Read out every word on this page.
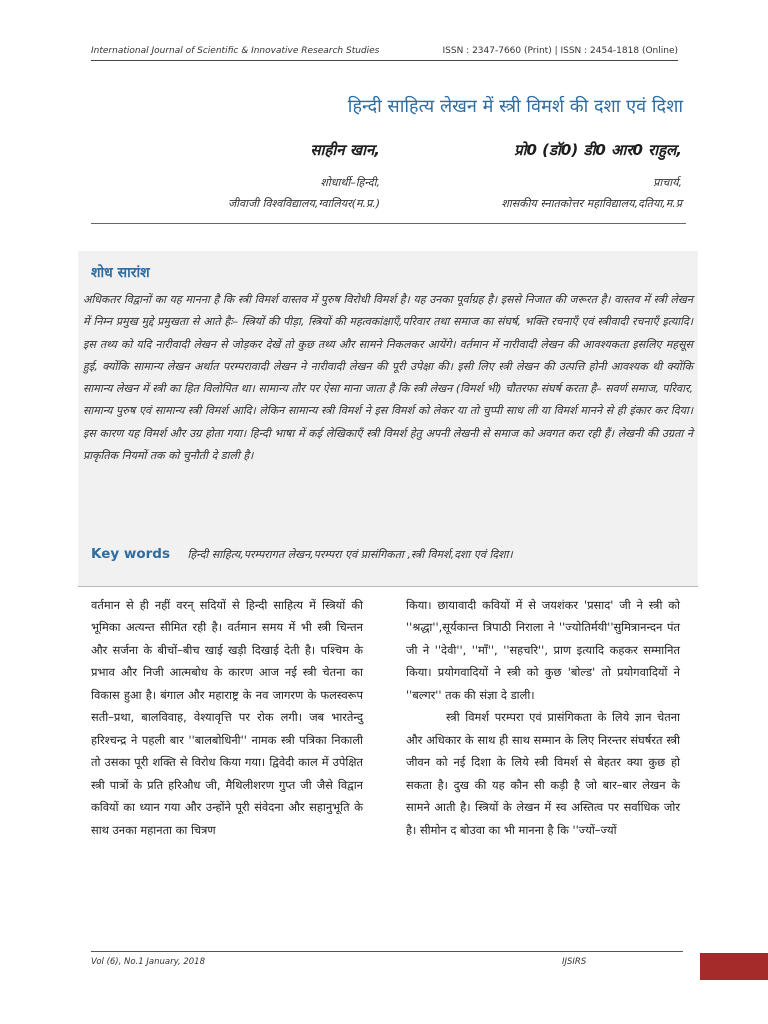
International Journal of Scientific & Innovative Research Studies	ISSN : 2347-7660 (Print) | ISSN : 2454-1818 (Online)
हिन्दी साहित्य लेखन में स्त्री विमर्श की दशा एवं दिशा
साहीन खान,	प्रो0 (डॉ0) डी0 आर0 राहुल,
शोधार्थी–हिन्दी,
जीवाजी विश्वविद्यालय,ग्वालियर(म.प्र.)
प्राचार्य,
शासकीय स्नातकोत्तर महाविद्यालय,दतिया,म.प्र
शोध सारांश
अधिकतर विद्वानों का यह मानना है कि स्त्री विमर्श वास्तव में पुरुष विरोधी विमर्श है। यह उनका पूर्वाग्रह है। इससे निजात की जरूरत है। वास्तव में स्त्री लेखन में निम्न प्रमुख मुद्दे प्रमुखता से आते हैः– स्त्रियों की पीड़ा, स्त्रियों की महत्वकांक्षाएँ,परिवार तथा समाज का संघर्ष, भक्ति रचनाएँ एवं स्त्रीवादी रचनाएँ इत्यादि। इस तथ्य को यदि नारीवादी लेखन से जोड़कर देखें तो कुछ तथ्य और सामने निकलकर आयेंगे। वर्तमान में नारीवादी लेखन की आवश्यकता इसलिए महसूस हुई, क्योंकि सामान्य लेखन अर्थात परम्परावादी लेखन ने नारीवादी लेखन की पूरी उपेक्षा की। इसी लिए स्त्री लेखन की उत्पत्ति होनी आवश्यक थी क्योंकि सामान्य लेखन में स्त्री का हित विलोपित था। सामान्य तौर पर ऐसा माना जाता है कि स्त्री लेखन (विमर्श भी) चौतरफा संघर्ष करता है– सवर्ण समाज, परिवार, सामान्य पुरुष एवं सामान्य स्त्री विमर्श आदि। लेकिन सामान्य स्त्री विमर्श ने इस विमर्श को लेकर या तो चुप्पी साध ली या विमर्श मानने से ही इंकार कर दिया। इस कारण यह विमर्श और उग्र होता गया। हिन्दी भाषा में कई लेखिकाएँ स्त्री विमर्श हेतु अपनी लेखनी से समाज को अवगत करा रही हैं। लेखनी की उग्रता ने प्राकृतिक नियमों तक को चुनौती दे डाली है।
Key words हिन्दी साहित्य,परम्परागत लेखन,परम्परा एवं प्रासंगिकता ,स्त्री विमर्श,दशा एवं दिशा।

वर्तमान से ही नहीं वरन् सदियों से हिन्दी साहित्य में स्त्रियों की भूमिका अत्यन्त सीमित रही है। वर्तमान समय में भी स्त्री चिन्तन और सर्जना के बीचों–बीच खाई खड़ी दिखाई देती है। पश्चिम के प्रभाव और निजी आत्मबोध के कारण आज नई स्त्री चेतना का विकास हुआ है। बंगाल और महाराष्ट्र के नव जागरण के फलस्वरूप सती–प्रथा, बालविवाह, वेश्यावृत्ति पर रोक लगी। जब भारतेन्दु हरिश्चन्द्र ने पहली बार ''बालबोधिनी'' नामक स्त्री पत्रिका निकाली तो उसका पूरी शक्ति से विरोध किया गया। द्विवेदी काल में उपेक्षित स्त्री पात्रों के प्रति हरिऔध जी, मैथिलीशरण गुप्त जी जैसे विद्वान कवियों का ध्यान गया और उन्होंने पूरी संवेदना और सहानुभूति के साथ उनका महानता का चित्रण

किया। छायावादी कवियों में से जयशंकर 'प्रसाद' जी ने स्त्री को ''श्रद्धा'',सूर्यकान्त त्रिपाठी निराला ने ''ज्योतिर्मयी''सुमित्रानन्दन पंत जी ने ''देवी'', ''माँ'', ''सहचरि'', प्राण इत्यादि कहकर सम्मानित किया। प्रयोगवादियों ने स्त्री को कुछ 'बोल्ड' तो प्रयोगवादियों ने ''बल्गर'' तक की संज्ञा दे डाली।

स्त्री विमर्श परम्परा एवं प्रासंगिकता के लिये ज्ञान चेतना और अधिकार के साथ ही साथ सम्मान के लिए निरन्तर संघर्षरत स्त्री जीवन को नई दिशा के लिये स्त्री विमर्श से बेहतर क्या कुछ हो सकता है। दुख की यह कौन सी कड़ी है जो बार–बार लेखन के सामने आती है। स्त्रियों के लेखन में स्व अस्तित्व पर सर्वाधिक जोर है। सीमोन द बोउवा का भी मानना है कि ''ज्यों–ज्यों

Vol (6), No.1 January, 2018	IJSIRS
